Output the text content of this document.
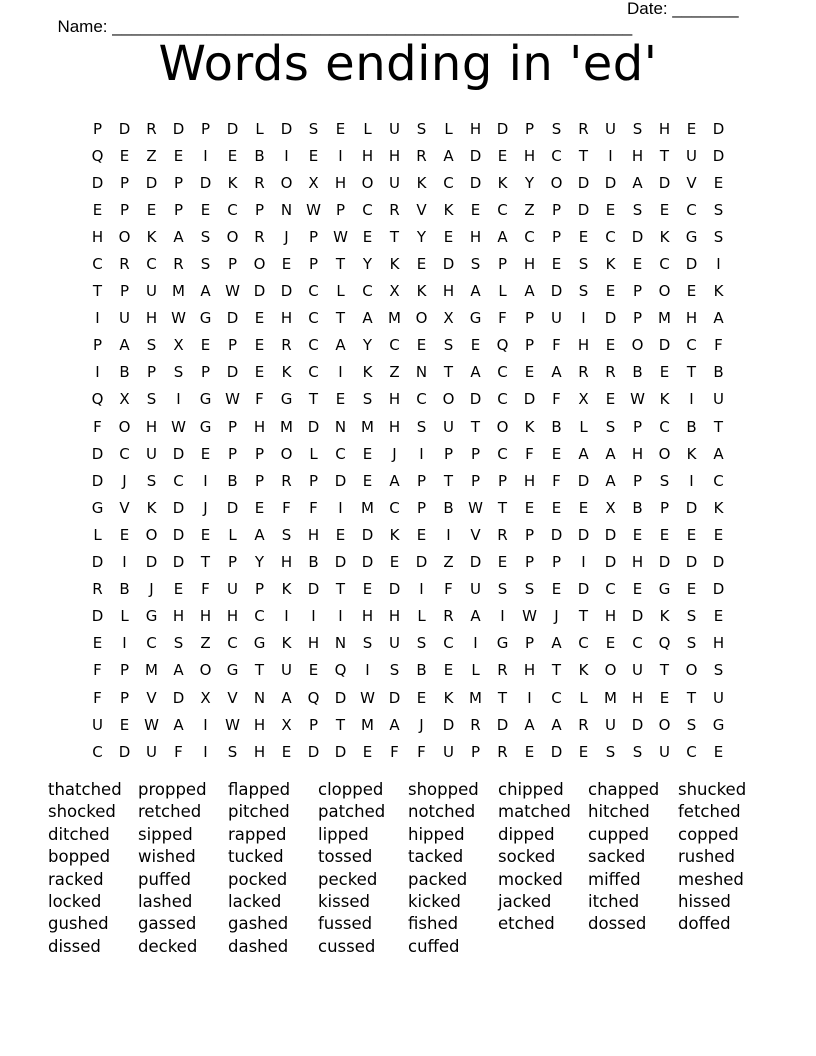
Name: _______________________________________________________

Date: _______

Words ending in 'ed'
P	D	R	D	P	D	L	D	S	E	L	U	S	L	H	D	P	S	R	U	S	H	E	D
Q	E	Z	E	I	E	B	I	E	I	H	H	R	A	D	E	H	C	T	I	H	T	U	D
D	P	D	P	D	K	R	O	X	H	O	U	K	C	D	K	Y	O	D	D	A	D	V	E
E	P	E	P	E	C	P	N W	P	C	R	V	K	E	C	Z	P	D	E	S	E	C	S
H	O	K	A	S	O	R	J	P	W E	T	Y	E	H	A	C	P	E	C	D	K	G	S
C	R	C	R	S	P	O	E	P	T	Y	K	E	D	S	P	H	E	S	K	E	C	D	I
T	P	U	M	A W D	D	C	L	C	X	K	H	A	L	A	D	S	E	P	O	E	K
I	U	H W G	D	E	H	C	T	A	M O	X	G	F	P	U	I	D	P	M H	A
P	A	S	X	E	P	E	R	C	A	Y	C	E	S	E	Q	P	F	H	E	O	D	C	F
I	B	P	S	P	D	E	K	C	I	K	Z	N	T	A	C	E	A	R	R	B	E	T	B
Q	X	S	I	G W	F	G	T	E	S	H	C	O	D	C	D	F	X	E W K	I	U
F	O	H W G	P	H M D	N M H	S	U	T	O	K	B	L	S	P	C	B	T
D	C	U	D	E	P	P	O	L	C	E	J	I	P	P	C	F	E	A	A	H	O	K	A
D	J	S	C	I	B	P	R	P	D	E	A	P	T	P	P	H	F	D	A	P	S	I	C
G	V	K	D	J	D	E	F	F	I	M	C	P	B W T	E	E	E	X	B	P	D	K
L	E	O	D	E	L	A	S	H	E	D	K	E	I	V	R	P	D	D	D	E	E	E	E
D	I	D	D	T	P	Y	H	B	D	D	E	D	Z	D	E	P	P	I	D	H	D	D	D
R	B	J	E	F	U	P	K	D	T	E	D	I	F	U	S	S	E	D	C	E	G	E	D
D	L	G	H	H	H	C	I	I	I	H	H	L	R	A	I	W	J	T	H	D	K	S	E
E	I	C	S	Z	C	G	K	H	N	S	U	S	C	I	G	P	A	C	E	C	Q	S	H
F	P	M	A	O	G	T	U	E	Q	I	S	B	E	L	R	H	T	K	O	U	T	O	S
F	P	V	D	X	V	N	A	Q	D W D	E	K	M	T	I	C	L	M H	E	T	U
U	E W A	I	W H	X	P	T	M	A	J	D	R	D	A	A	R	U	D	O	S	G
C	D	U	F	I	S	H	E	D	D	E	F	F	U	P	R	E	D	E	S	S	U	C	E
thatched propped	flapped	clopped	shopped	chipped	chapped	shucked
shocked	retched	pitched	patched	notched	matched	hitched	fetched
ditched	sipped	rapped	lipped	hipped	dipped	cupped	copped
bopped	wished	tucked	tossed	tacked	socked	sacked	rushed
racked	puffed	pocked	pecked	packed	mocked	miffed	meshed
locked	lashed	lacked	kissed	kicked	jacked	itched	hissed
gushed	gassed	gashed	fussed	fished	etched	dossed	doffed
dissed	decked	dashed	cussed	cuffed
